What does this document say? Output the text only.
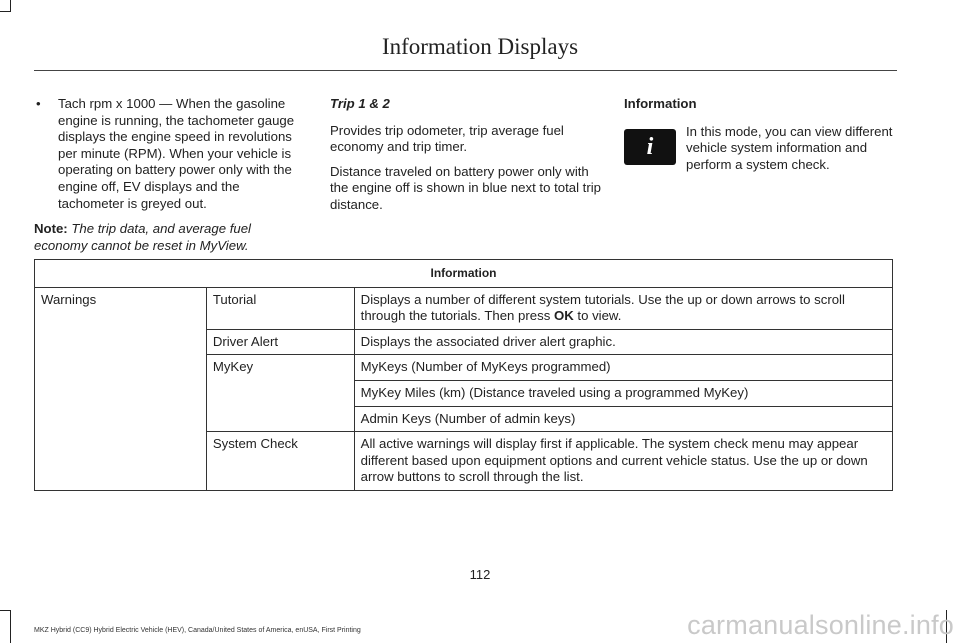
Information Displays
• Tach rpm x 1000 — When the gasoline engine is running, the tachometer gauge displays the engine speed in revolutions per minute (RPM). When your vehicle is operating on battery power only with the engine off, EV displays and the tachometer is greyed out.
Note: The trip data, and average fuel economy cannot be reset in MyView.
Trip 1 & 2
Provides trip odometer, trip average fuel economy and trip timer.
Distance traveled on battery power only with the engine off is shown in blue next to total trip distance.
Information
i
In this mode, you can view different vehicle system information and perform a system check.
Information		
Warnings	Tutorial	Displays a number of different system tutorials. Use the up or down arrows to scroll through the tutorials. Then press OK to view.
	Driver Alert	Displays the associated driver alert graphic.
	MyKey	MyKeys (Number of MyKeys programmed)
		MyKey Miles (km) (Distance traveled using a programmed MyKey)
		Admin Keys (Number of admin keys)
	System Check	All active warnings will display first if applicable. The system check menu may appear different based upon equipment options and current vehicle status. Use the up or down arrow buttons to scroll through the list.
112
MKZ Hybrid (CC9) Hybrid Electric Vehicle (HEV), Canada/United States of America, enUSA, First Printing	carmanualsonline.info
